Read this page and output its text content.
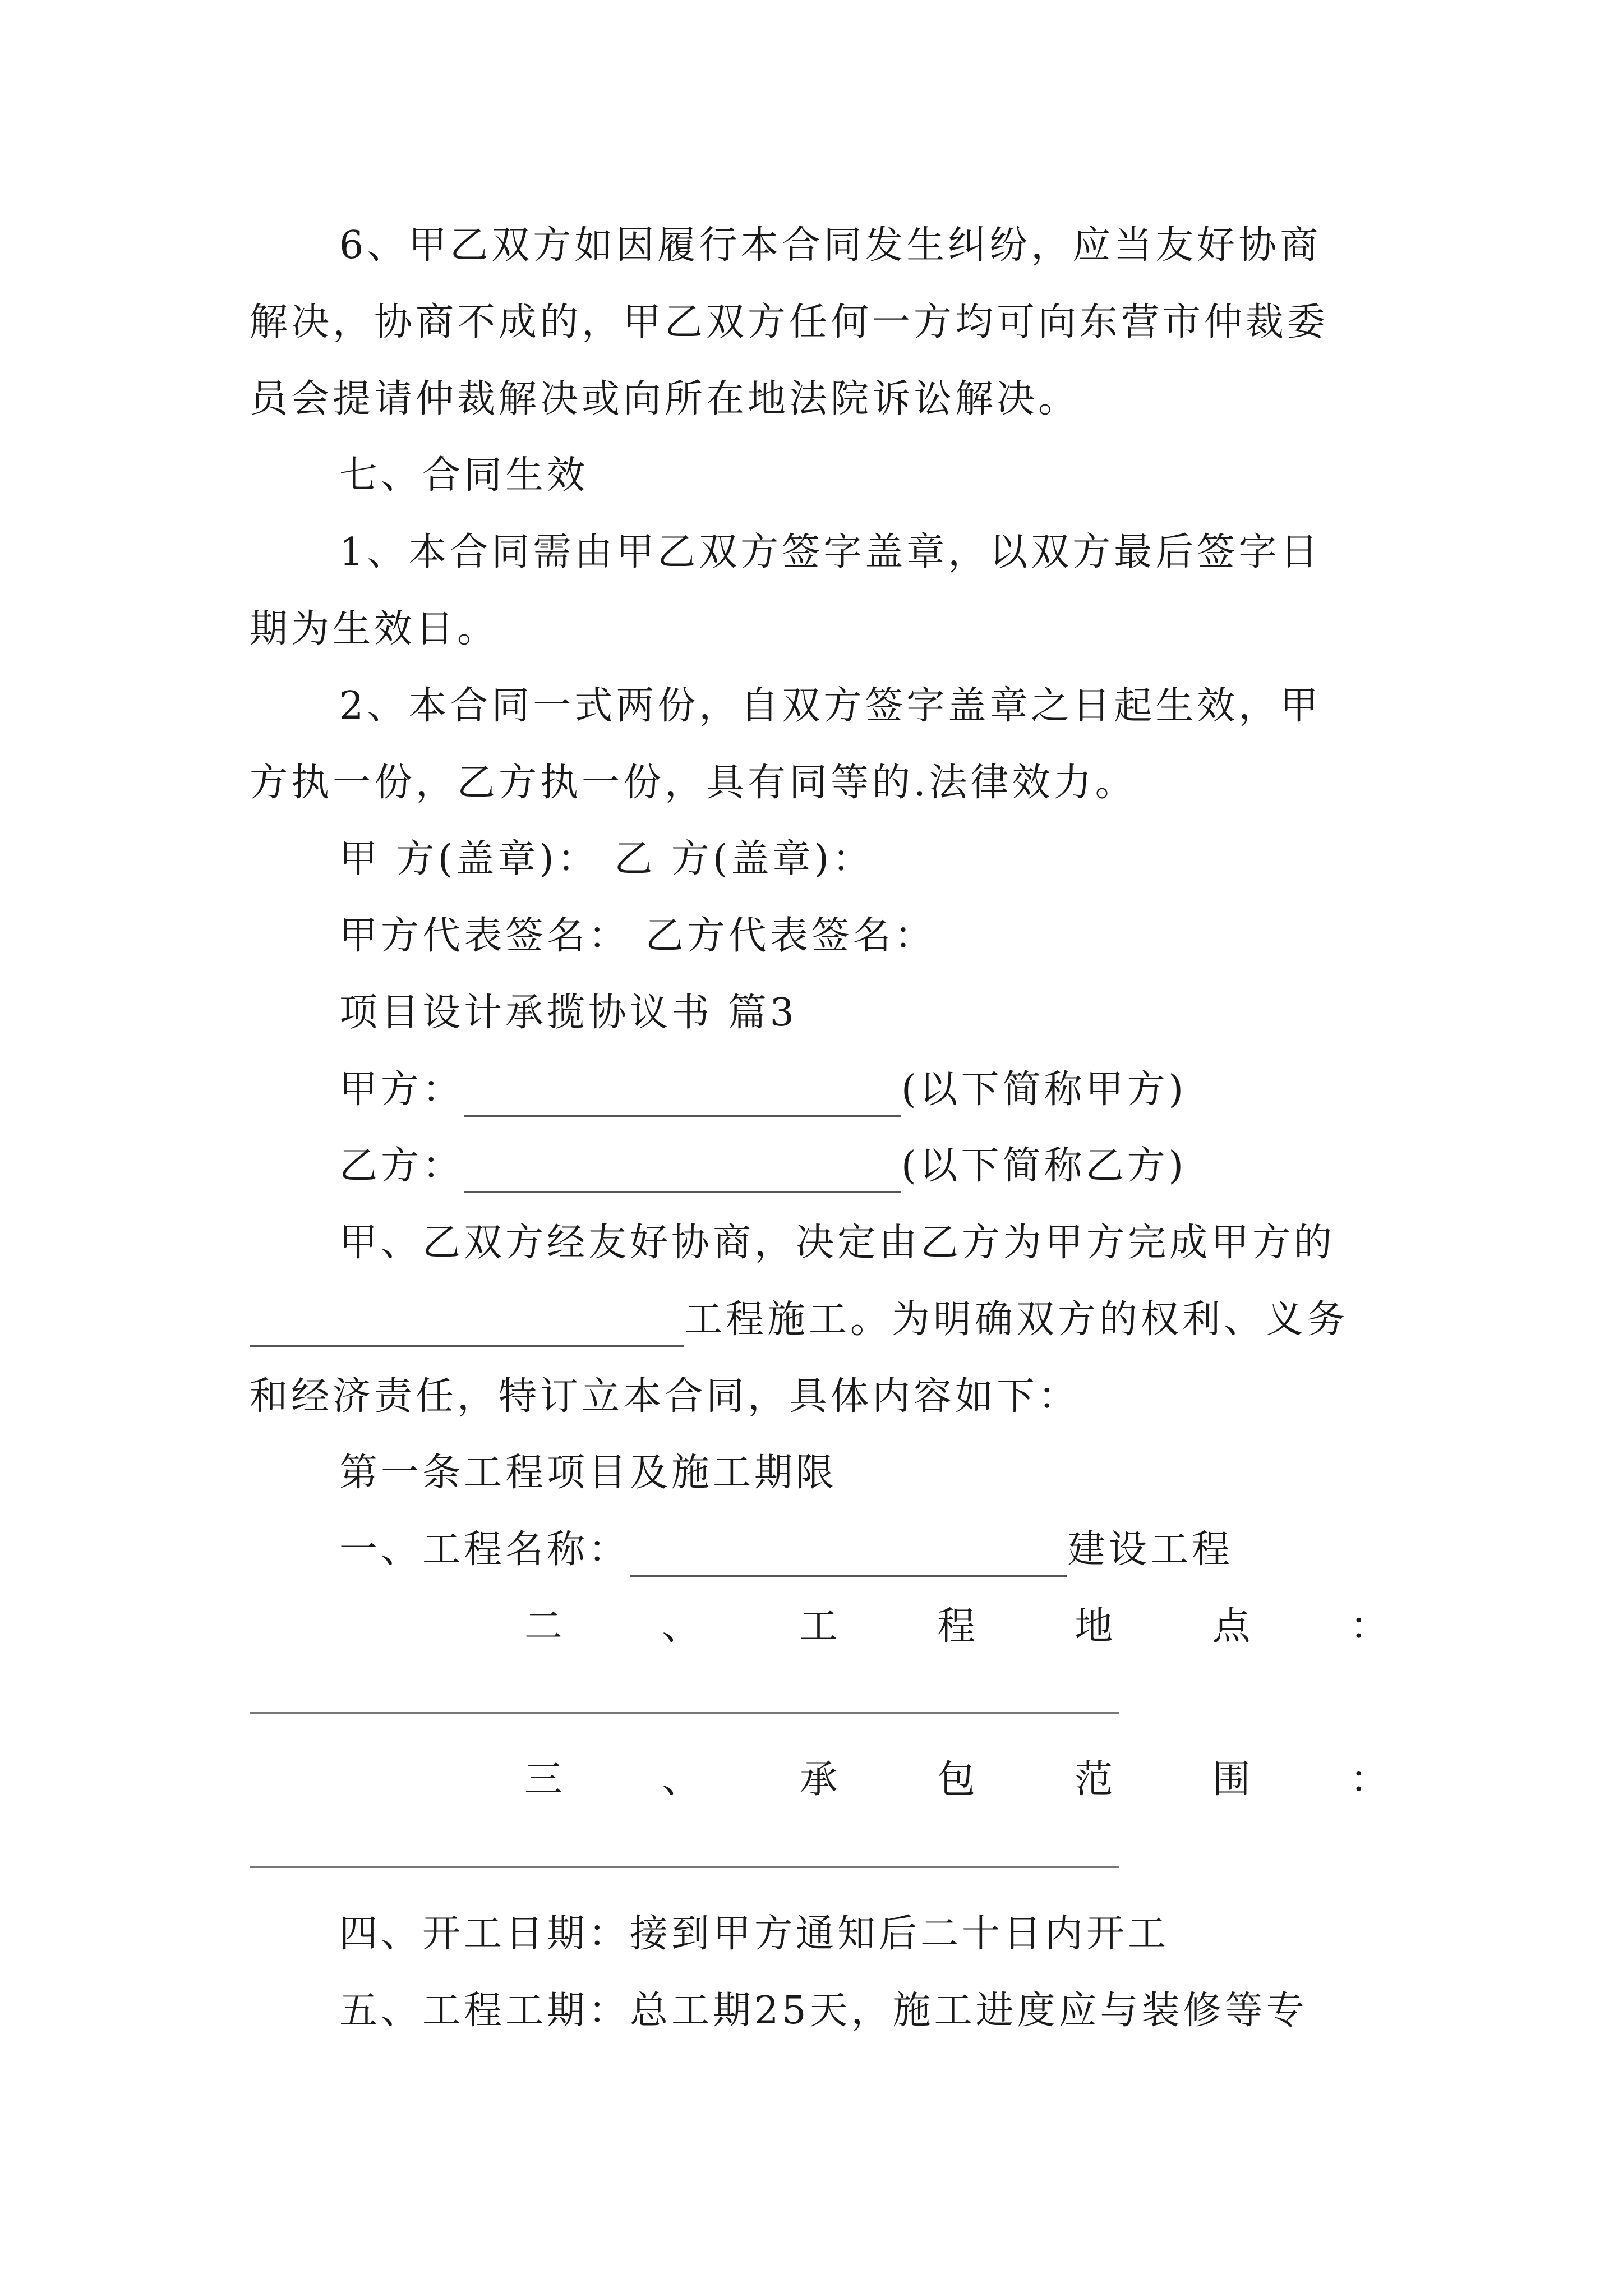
6、甲乙双方如因履行本合同发生纠纷，应当友好协商
解决，协商不成的，甲乙双方任何一方均可向东营市仲裁委
员会提请仲裁解决或向所在地法院诉讼解决。
七、合同生效
1、本合同需由甲乙双方签字盖章，以双方最后签字日
期为生效日。
2、本合同一式两份，自双方签字盖章之日起生效，甲
方执一份，乙方执一份，具有同等的.法律效力。
甲 方(盖章)： 乙 方(盖章)：
甲方代表签名： 乙方代表签名：
项目设计承揽协议书 篇3
甲方：	(以下简称甲方)
乙方：	(以下简称乙方)
甲、乙双方经友好协商，决定由乙方为甲方完成甲方的
工程施工。为明确双方的权利、义务
和经济责任，特订立本合同，具体内容如下：
第一条工程项目及施工期限
一、工程名称：	建设工程
二	、	工	程	地	点	：
三	、	承	包	范	围	：
四、开工日期：接到甲方通知后二十日内开工
五、工程工期：总工期25天，施工进度应与装修等专
